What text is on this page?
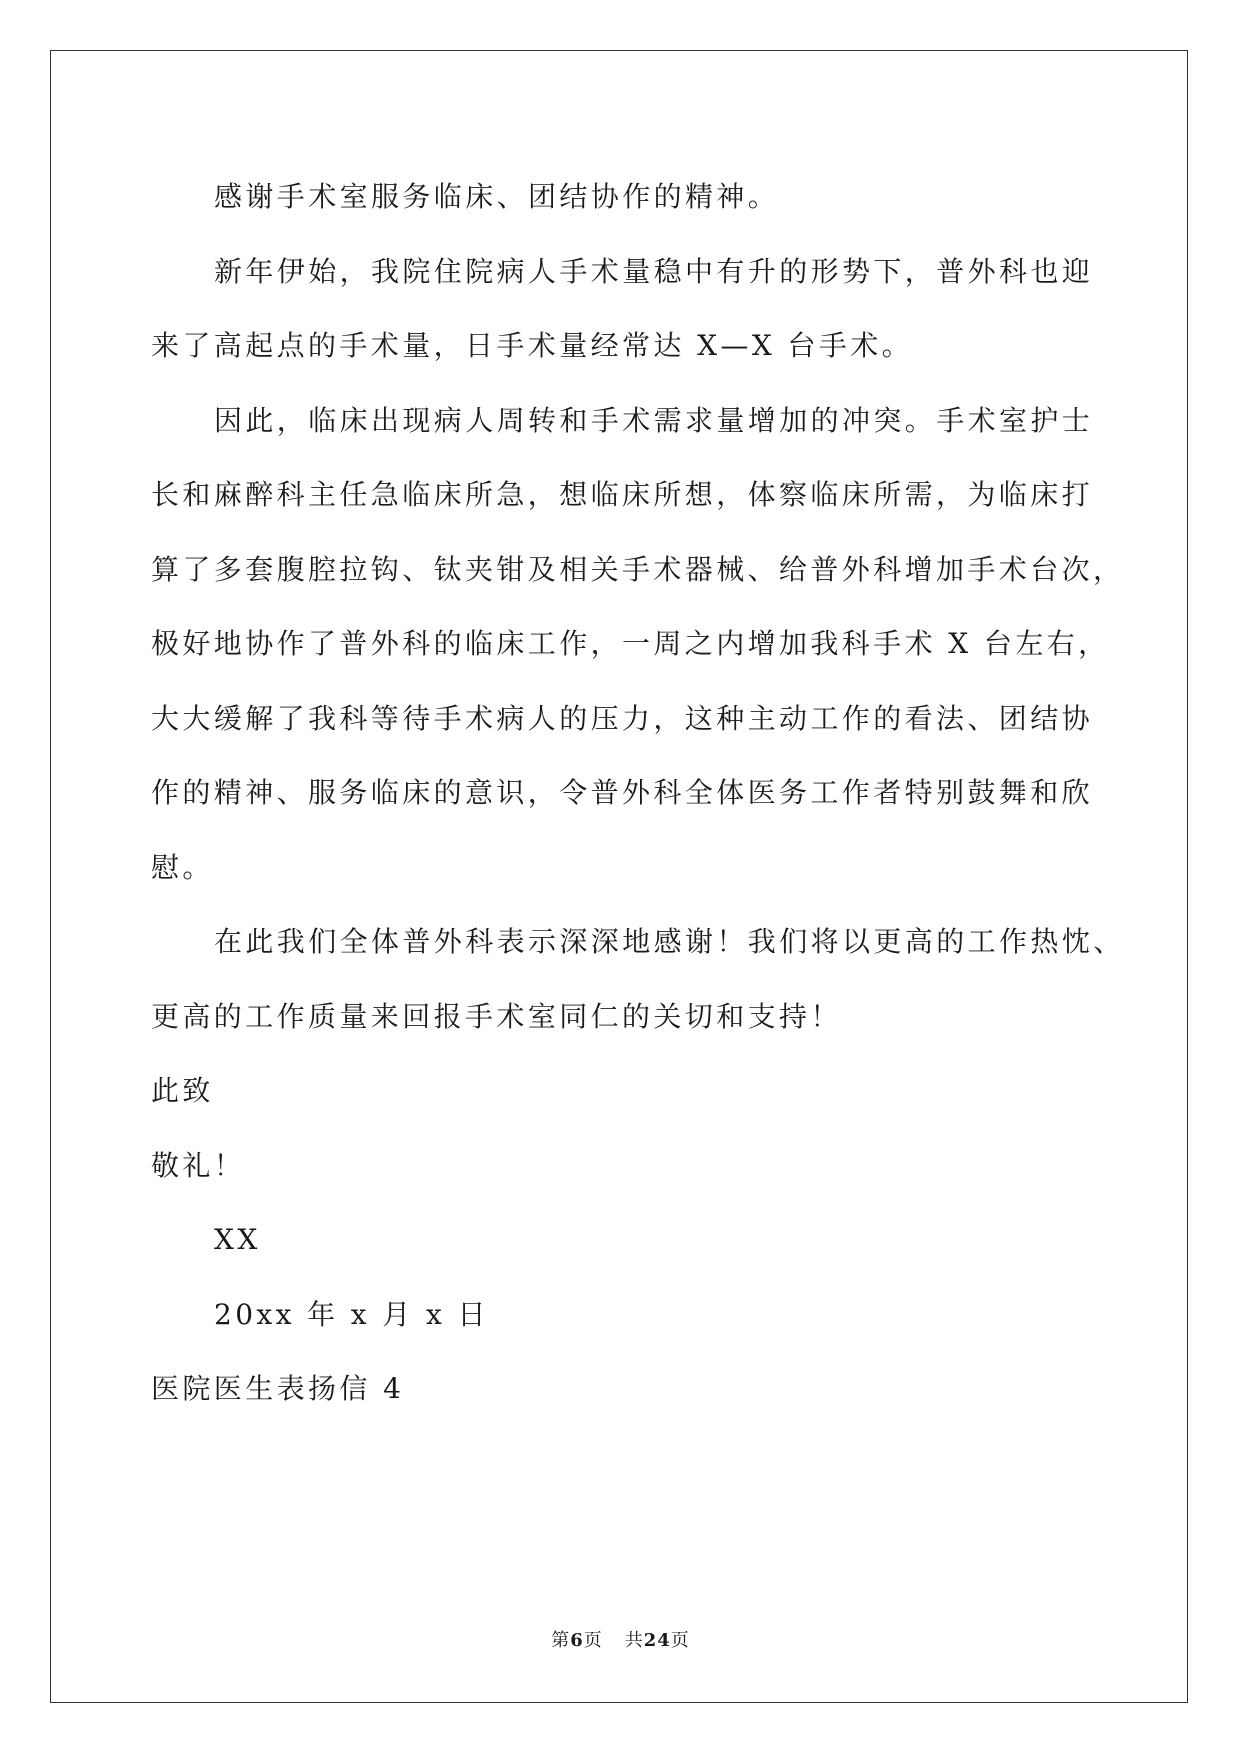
感谢手术室服务临床、团结协作的精神。

新年伊始，我院住院病人手术量稳中有升的形势下，普外科也迎
来了高起点的手术量，日手术量经常达 X—X 台手术。

因此，临床出现病人周转和手术需求量增加的冲突。手术室护士
长和麻醉科主任急临床所急，想临床所想，体察临床所需，为临床打
算了多套腹腔拉钩、钛夹钳及相关手术器械、给普外科增加手术台次，
极好地协作了普外科的临床工作，一周之内增加我科手术 X 台左右，
大大缓解了我科等待手术病人的压力，这种主动工作的看法、团结协
作的精神、服务临床的意识，令普外科全体医务工作者特别鼓舞和欣
慰。

在此我们全体普外科表示深深地感谢！我们将以更高的工作热忱、
更高的工作质量来回报手术室同仁的关切和支持！

此致

敬礼！

XX

20xx 年 x 月 x 日

医院医生表扬信 4

第6页 共24页
